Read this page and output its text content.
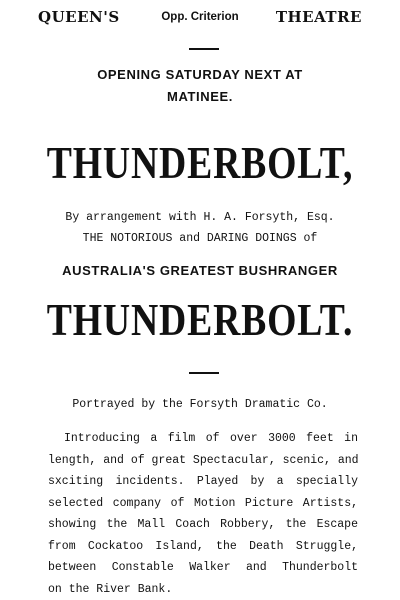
QUEEN'S	Opp. Criterion	THEATRE
OPENING SATURDAY NEXT AT
MATINEE.
THUNDERBOLT,
By arrangement with H. A. Forsyth, Esq.
THE NOTORIOUS and DARING DOINGS of
AUSTRALIA'S GREATEST BUSHRANGER
THUNDERBOLT.
Portrayed by the Forsyth Dramatic Co.
Introducing a film of over 3000 feet in
length, and of great Spectacular, scenic, and
sxciting incidents. Played by a specially
selected company of Motion Picture Artists,
showing the Mall Coach Robbery, the Escape
from Cockatoo Island, the Death Struggle,
between Constable Walker and Thunderbolt
on the River Bank.
